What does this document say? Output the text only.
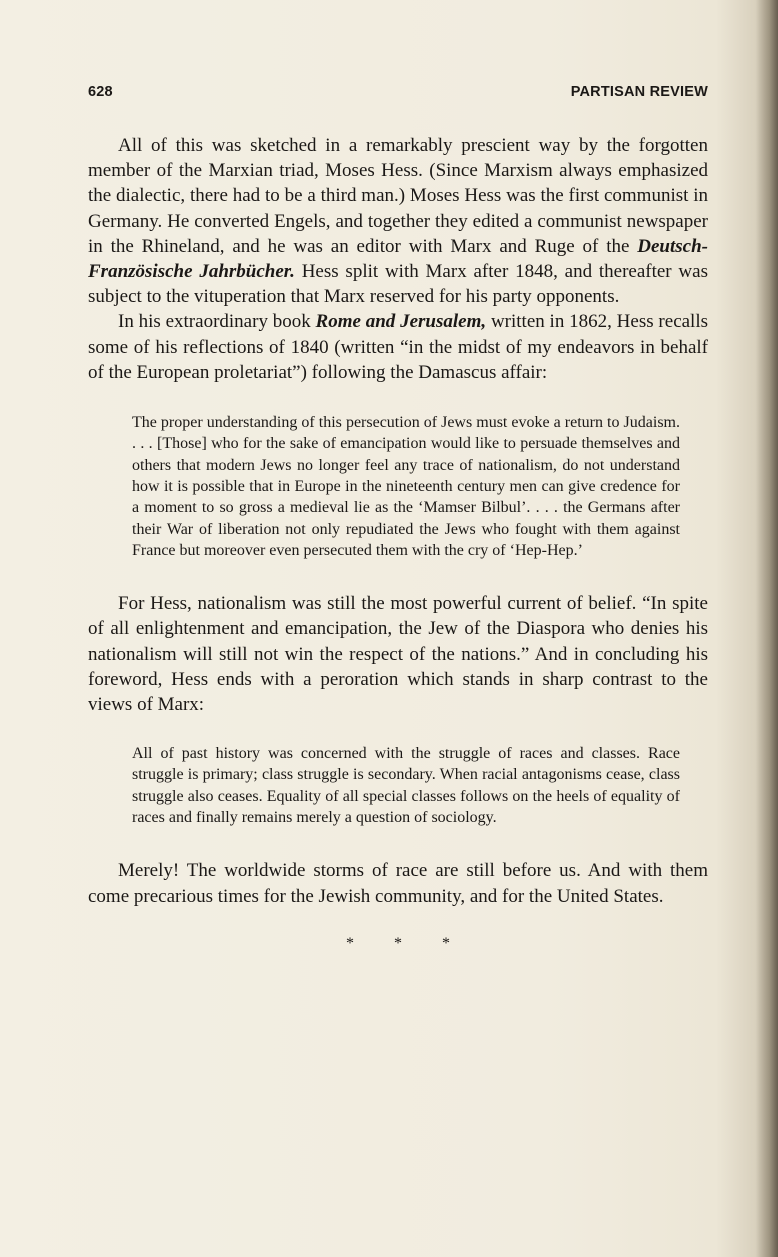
628	PARTISAN REVIEW

All of this was sketched in a remarkably prescient way by the forgotten member of the Marxian triad, Moses Hess. (Since Marxism always emphasized the dialectic, there had to be a third man.) Moses Hess was the first communist in Germany. He converted Engels, and together they edited a communist newspaper in the Rhineland, and he was an editor with Marx and Ruge of the Deutsch-Französische Jahrbücher. Hess split with Marx after 1848, and thereafter was subject to the vituperation that Marx reserved for his party opponents.

In his extraordinary book Rome and Jerusalem, written in 1862, Hess recalls some of his reflections of 1840 (written “in the midst of my endeavors in behalf of the European proletariat”) following the Damascus affair:

The proper understanding of this persecution of Jews must evoke a return to Judaism. . . . [Those] who for the sake of emancipation would like to persuade themselves and others that modern Jews no longer feel any trace of nationalism, do not understand how it is possible that in Europe in the nineteenth century men can give credence for a moment to so gross a medieval lie as the ‘Mamser Bilbul’. . . . the Germans after their War of liberation not only repudiated the Jews who fought with them against France but moreover even persecuted them with the cry of ‘Hep-Hep.’

For Hess, nationalism was still the most powerful current of belief. “In spite of all enlightenment and emancipation, the Jew of the Diaspora who denies his nationalism will still not win the respect of the nations.” And in concluding his foreword, Hess ends with a peroration which stands in sharp contrast to the views of Marx:

All of past history was concerned with the struggle of races and classes. Race struggle is primary; class struggle is secondary. When racial antagonisms cease, class struggle also ceases. Equality of all special classes follows on the heels of equality of races and finally remains merely a question of sociology.

Merely! The worldwide storms of race are still before us. And with them come precarious times for the Jewish community, and for the United States.

* * *
